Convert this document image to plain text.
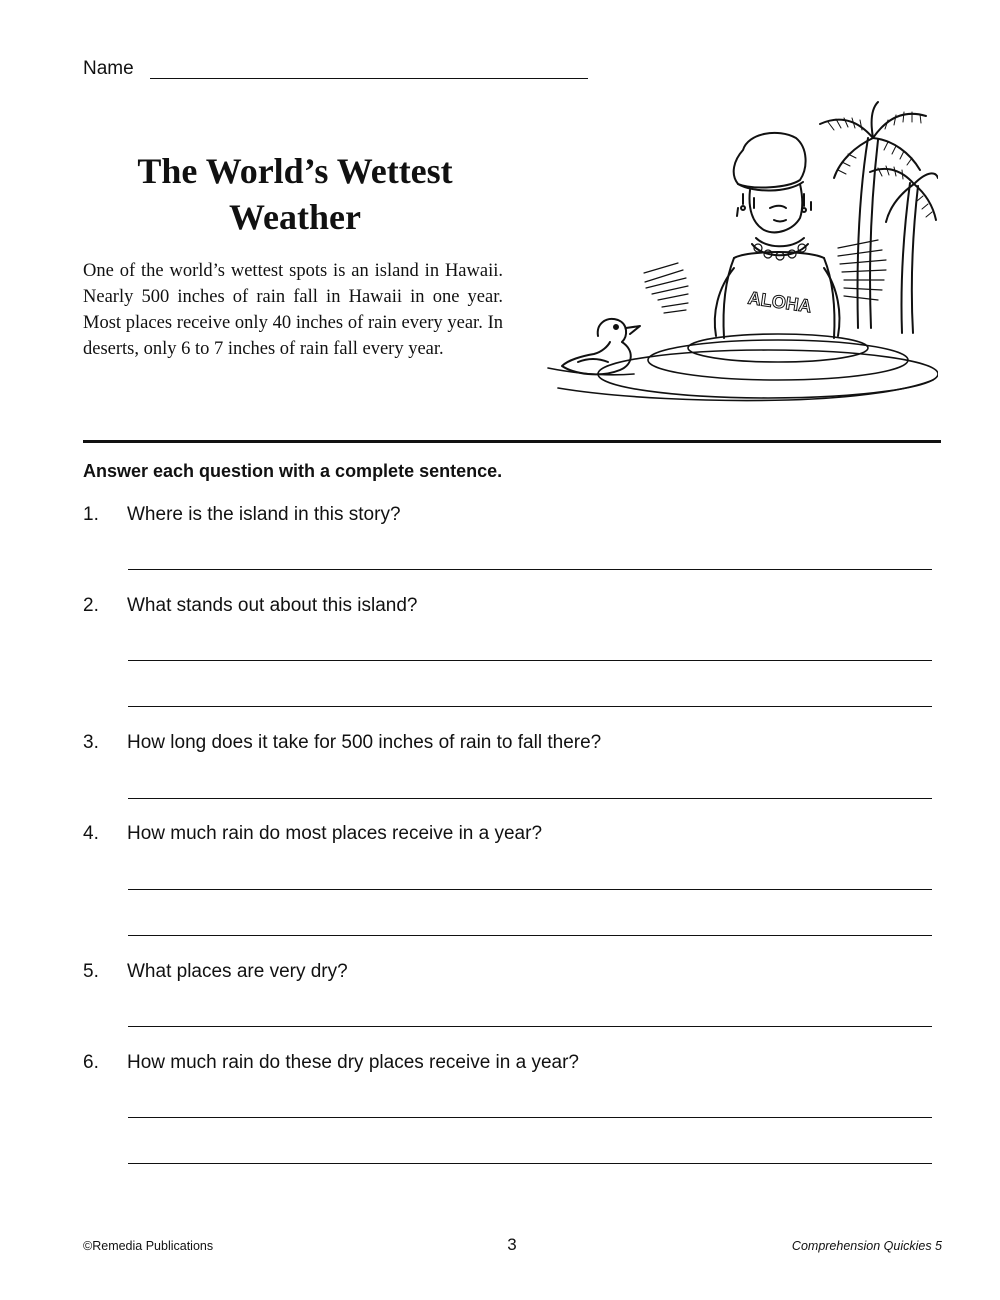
Name
The World’s Wettest
Weather
One of the world’s wettest spots is an island in Hawaii. Nearly 500 inches of rain fall in Hawaii in one year. Most places receive only 40 inches of rain every year. In deserts, only 6 to 7 inches of rain fall every year.
ALOHA
Answer each question with a complete sentence.
1. Where is the island in this story?
2. What stands out about this island?
3. How long does it take for 500 inches of rain to fall there?
4. How much rain do most places receive in a year?
5. What places are very dry?
6. How much rain do these dry places receive in a year?
©Remedia Publications	3	Comprehension Quickies 5
